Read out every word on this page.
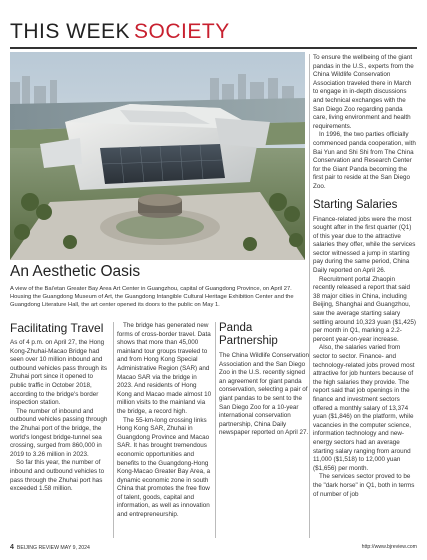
THIS WEEK SOCIETY

To ensure the wellbeing of the giant pandas in the U.S., experts from the China Wildlife Conservation Association traveled there in March to engage in in-depth discussions and technical exchanges with the San Diego Zoo regarding panda care, living environment and health requirements.

In 1996, the two parties officially commenced panda cooperation, with Bai Yun and Shi Shi from The China Conservation and Research Center for the Giant Panda becoming the first pair to reside at the San Diego Zoo.

Starting Salaries

Finance-related jobs were the most sought after in the first quarter (Q1) of this year due to the attractive salaries they offer, while the services sector witnessed a jump in starting pay during the same period, China Daily reported on April 26.

Recruitment portal Zhaopin recently released a report that said 38 major cities in China, including Beijing, Shanghai and Guangzhou, saw the average starting salary settling around 10,323 yuan ($1,425) per month in Q1, marking a 2.2-percent year-on-year increase.

Also, the salaries varied from sector to sector. Finance- and technology-related jobs proved most attractive for job hunters because of the high salaries they provide. The report said that job openings in the finance and investment sectors offered a monthly salary of 13,374 yuan ($1,846) on the platform, while vacancies in the computer science, information technology and new-energy sectors had an average starting salary ranging from around 11,000 ($1,518) to 12,000 yuan ($1,656) per month.

The services sector proved to be the "dark horse" in Q1, both in terms of number of job

An Aesthetic Oasis
A view of the Bai'etan Greater Bay Area Art Center in Guangzhou, capital of Guangdong Province, on April 27. Housing the Guangdong Museum of Art, the Guangdong Intangible Cultural Heritage Exhibition Center and the Guangdong Literature Hall, the art center opened its doors to the public on May 1.
Facilitating Travel

As of 4 p.m. on April 27, the Hong Kong-Zhuhai-Macao Bridge had seen over 10 million inbound and outbound vehicles pass through its Zhuhai port since it opened to public traffic in October 2018, according to the bridge's border inspection station.

The number of inbound and outbound vehicles passing through the Zhuhai port of the bridge, the world's longest bridge-tunnel sea crossing, surged from 860,000 in 2019 to 3.26 million in 2023.

So far this year, the number of inbound and outbound vehicles to pass through the Zhuhai port has exceeded 1.58 million.

The bridge has generated new forms of cross-border travel. Data shows that more than 45,000 mainland tour groups traveled to and from Hong Kong Special Administrative Region (SAR) and Macao SAR via the bridge in 2023. And residents of Hong Kong and Macao made almost 10 million visits to the mainland via the bridge, a record high.

The 55-km-long crossing links Hong Kong SAR, Zhuhai in Guangdong Province and Macao SAR. It has brought tremendous economic opportunities and benefits to the Guangdong-Hong Kong-Macao Greater Bay Area, a dynamic economic zone in south China that promotes the free flow of talent, goods, capital and information, as well as innovation and entrepreneurship.

Panda Partnership

The China Wildlife Conservation Association and the San Diego Zoo in the U.S. recently signed an agreement for giant panda conservation, selecting a pair of giant pandas to be sent to the San Diego Zoo for a 10-year international conservation partnership, China Daily newspaper reported on April 27.

4 BEIJING REVIEW MAY 9, 2024	http://www.bjreview.com
